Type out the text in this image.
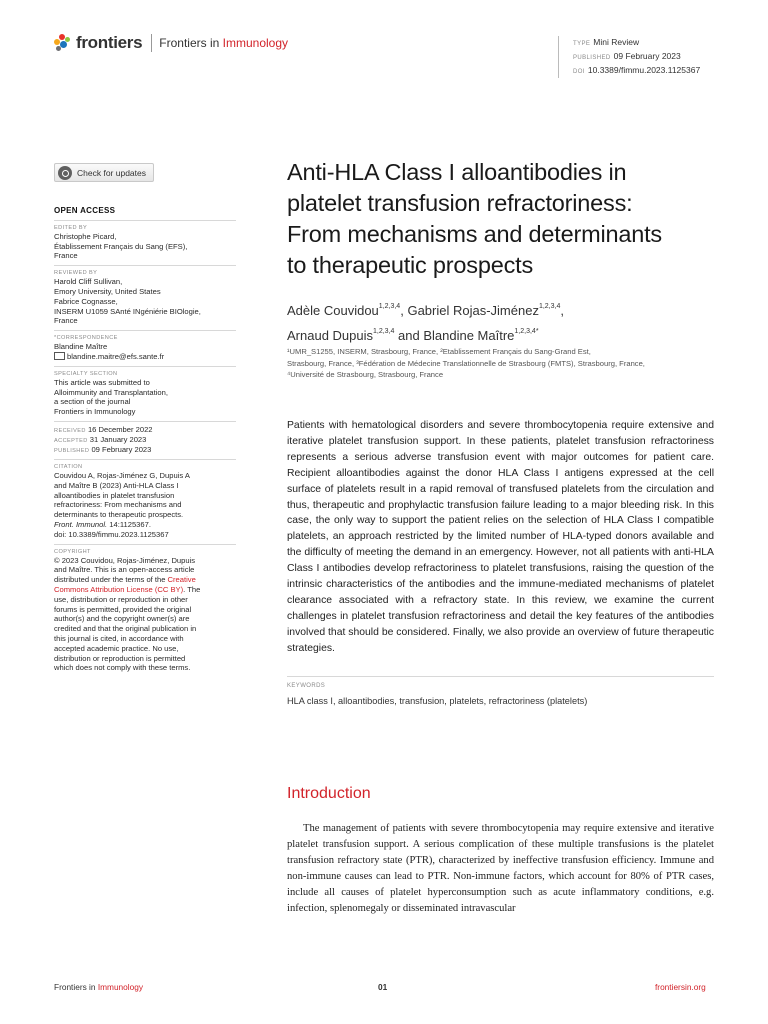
frontiers Frontiers in Immunology	TYPE Mini Review
PUBLISHED 09 February 2023
DOI 10.3389/fimmu.2023.1125367
Check for updates
OPEN ACCESS
EDITED BY
Christophe Picard,
Établissement Français du Sang (EFS),
France
REVIEWED BY
Harold Cliff Sullivan,
Emory University, United States
Fabrice Cognasse,
INSERM U1059 SAnté INgéniérie BIOlogie,
France
*CORRESPONDENCE
Blandine Maître
blandine.maitre@efs.sante.fr
SPECIALTY SECTION
This article was submitted to
Alloimmunity and Transplantation,
a section of the journal
Frontiers in Immunology
RECEIVED 16 December 2022
ACCEPTED 31 January 2023
PUBLISHED 09 February 2023
CITATION
Couvidou A, Rojas-Jiménez G, Dupuis A
and Maître B (2023) Anti-HLA Class I
alloantibodies in platelet transfusion
refractoriness: From mechanisms and
determinants to therapeutic prospects.
Front. Immunol. 14:1125367.
doi: 10.3389/fimmu.2023.1125367
COPYRIGHT
© 2023 Couvidou, Rojas-Jiménez, Dupuis
and Maître. This is an open-access article
distributed under the terms of the Creative
Commons Attribution License (CC BY). The
use, distribution or reproduction in other
forums is permitted, provided the original
author(s) and the copyright owner(s) are
credited and that the original publication in
this journal is cited, in accordance with
accepted academic practice. No use,
distribution or reproduction is permitted
which does not comply with these terms.
Anti-HLA Class I alloantibodies in
platelet transfusion refractoriness:
From mechanisms and determinants
to therapeutic prospects
Adèle Couvidou$^{1,2,3,4}$, Gabriel Rojas-Jiménez$^{1,2,3,4}$,
Arnaud Dupuis$^{1,2,3,4}$ and Blandine Maître$^{1,2,3,4*}$
¹UMR_S1255, INSERM, Strasbourg, France, ²Etablissement Français du Sang-Grand Est,
Strasbourg, France, ³Fédération de Médecine Translationnelle de Strasbourg (FMTS), Strasbourg, France,
⁴Université de Strasbourg, Strasbourg, France
Patients with hematological disorders and severe thrombocytopenia require extensive and iterative platelet transfusion support. In these patients, platelet transfusion refractoriness represents a serious adverse transfusion event with major outcomes for patient care. Recipient alloantibodies against the donor HLA Class I antigens expressed at the cell surface of platelets result in a rapid removal of transfused platelets from the circulation and thus, therapeutic and prophylactic transfusion failure leading to a major bleeding risk. In this case, the only way to support the patient relies on the selection of HLA Class I compatible platelets, an approach restricted by the limited number of HLA-typed donors available and the difficulty of meeting the demand in an emergency. However, not all patients with anti-HLA Class I antibodies develop refractoriness to platelet transfusions, raising the question of the intrinsic characteristics of the antibodies and the immune-mediated mechanisms of platelet clearance associated with a refractory state. In this review, we examine the current challenges in platelet transfusion refractoriness and detail the key features of the antibodies involved that should be considered. Finally, we also provide an overview of future therapeutic strategies.
KEYWORDS
HLA class I, alloantibodies, transfusion, platelets, refractoriness (platelets)
Introduction
The management of patients with severe thrombocytopenia may require extensive and iterative platelet transfusion support. A serious complication of these multiple transfusions is the platelet transfusion refractory state (PTR), characterized by ineffective transfusion efficiency. Immune and non-immune causes can lead to PTR. Non-immune factors, which account for 80% of PTR cases, include all causes of platelet hyperconsumption such as acute inflammatory conditions, e.g. infection, splenomegaly or disseminated intravascular
Frontiers in Immunology	01	frontiersin.org
